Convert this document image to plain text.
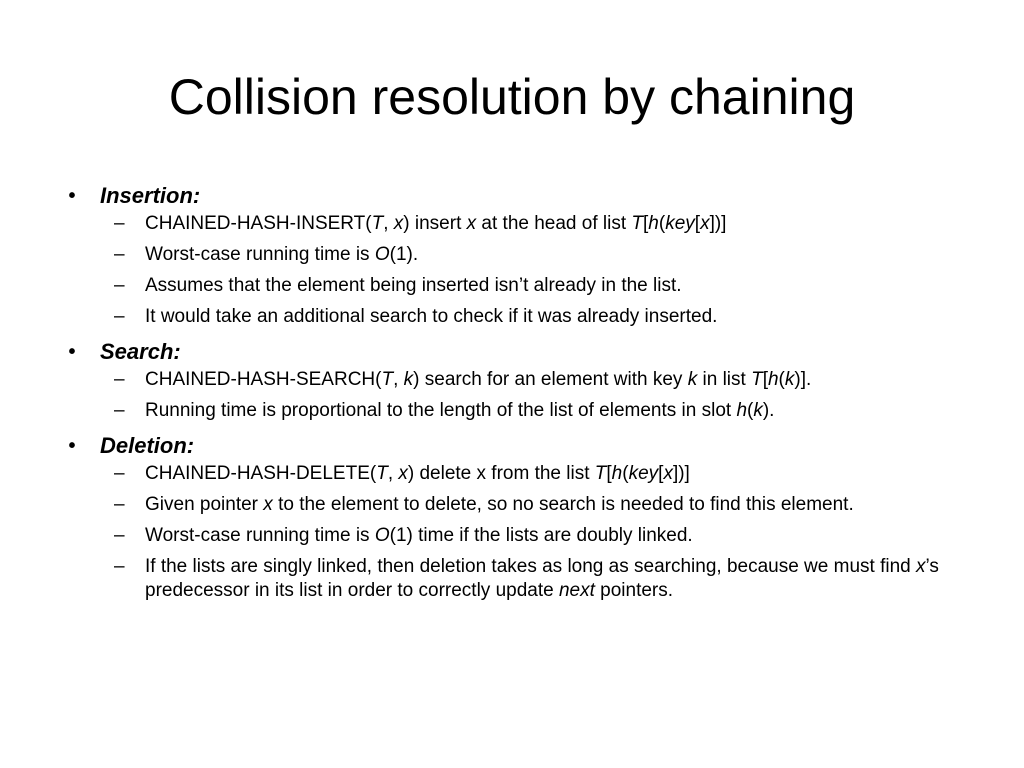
Collision resolution by chaining
•	Insertion:
– CHAINED-HASH-INSERT(T, x) insert x at the head of list T[h(key[x])]
– Worst-case running time is O(1).
– Assumes that the element being inserted isn’t already in the list.
– It would take an additional search to check if it was already inserted.
•	Search:
– CHAINED-HASH-SEARCH(T, k) search for an element with key k in list T[h(k)].
– Running time is proportional to the length of the list of elements in slot h(k).
•	Deletion:
– CHAINED-HASH-DELETE(T, x) delete x from the list T[h(key[x])]
– Given pointer x to the element to delete, so no search is needed to find this element.
– Worst-case running time is O(1) time if the lists are doubly linked.
– If the lists are singly linked, then deletion takes as long as searching, because we must find x’s predecessor in its list in order to correctly update next pointers.
